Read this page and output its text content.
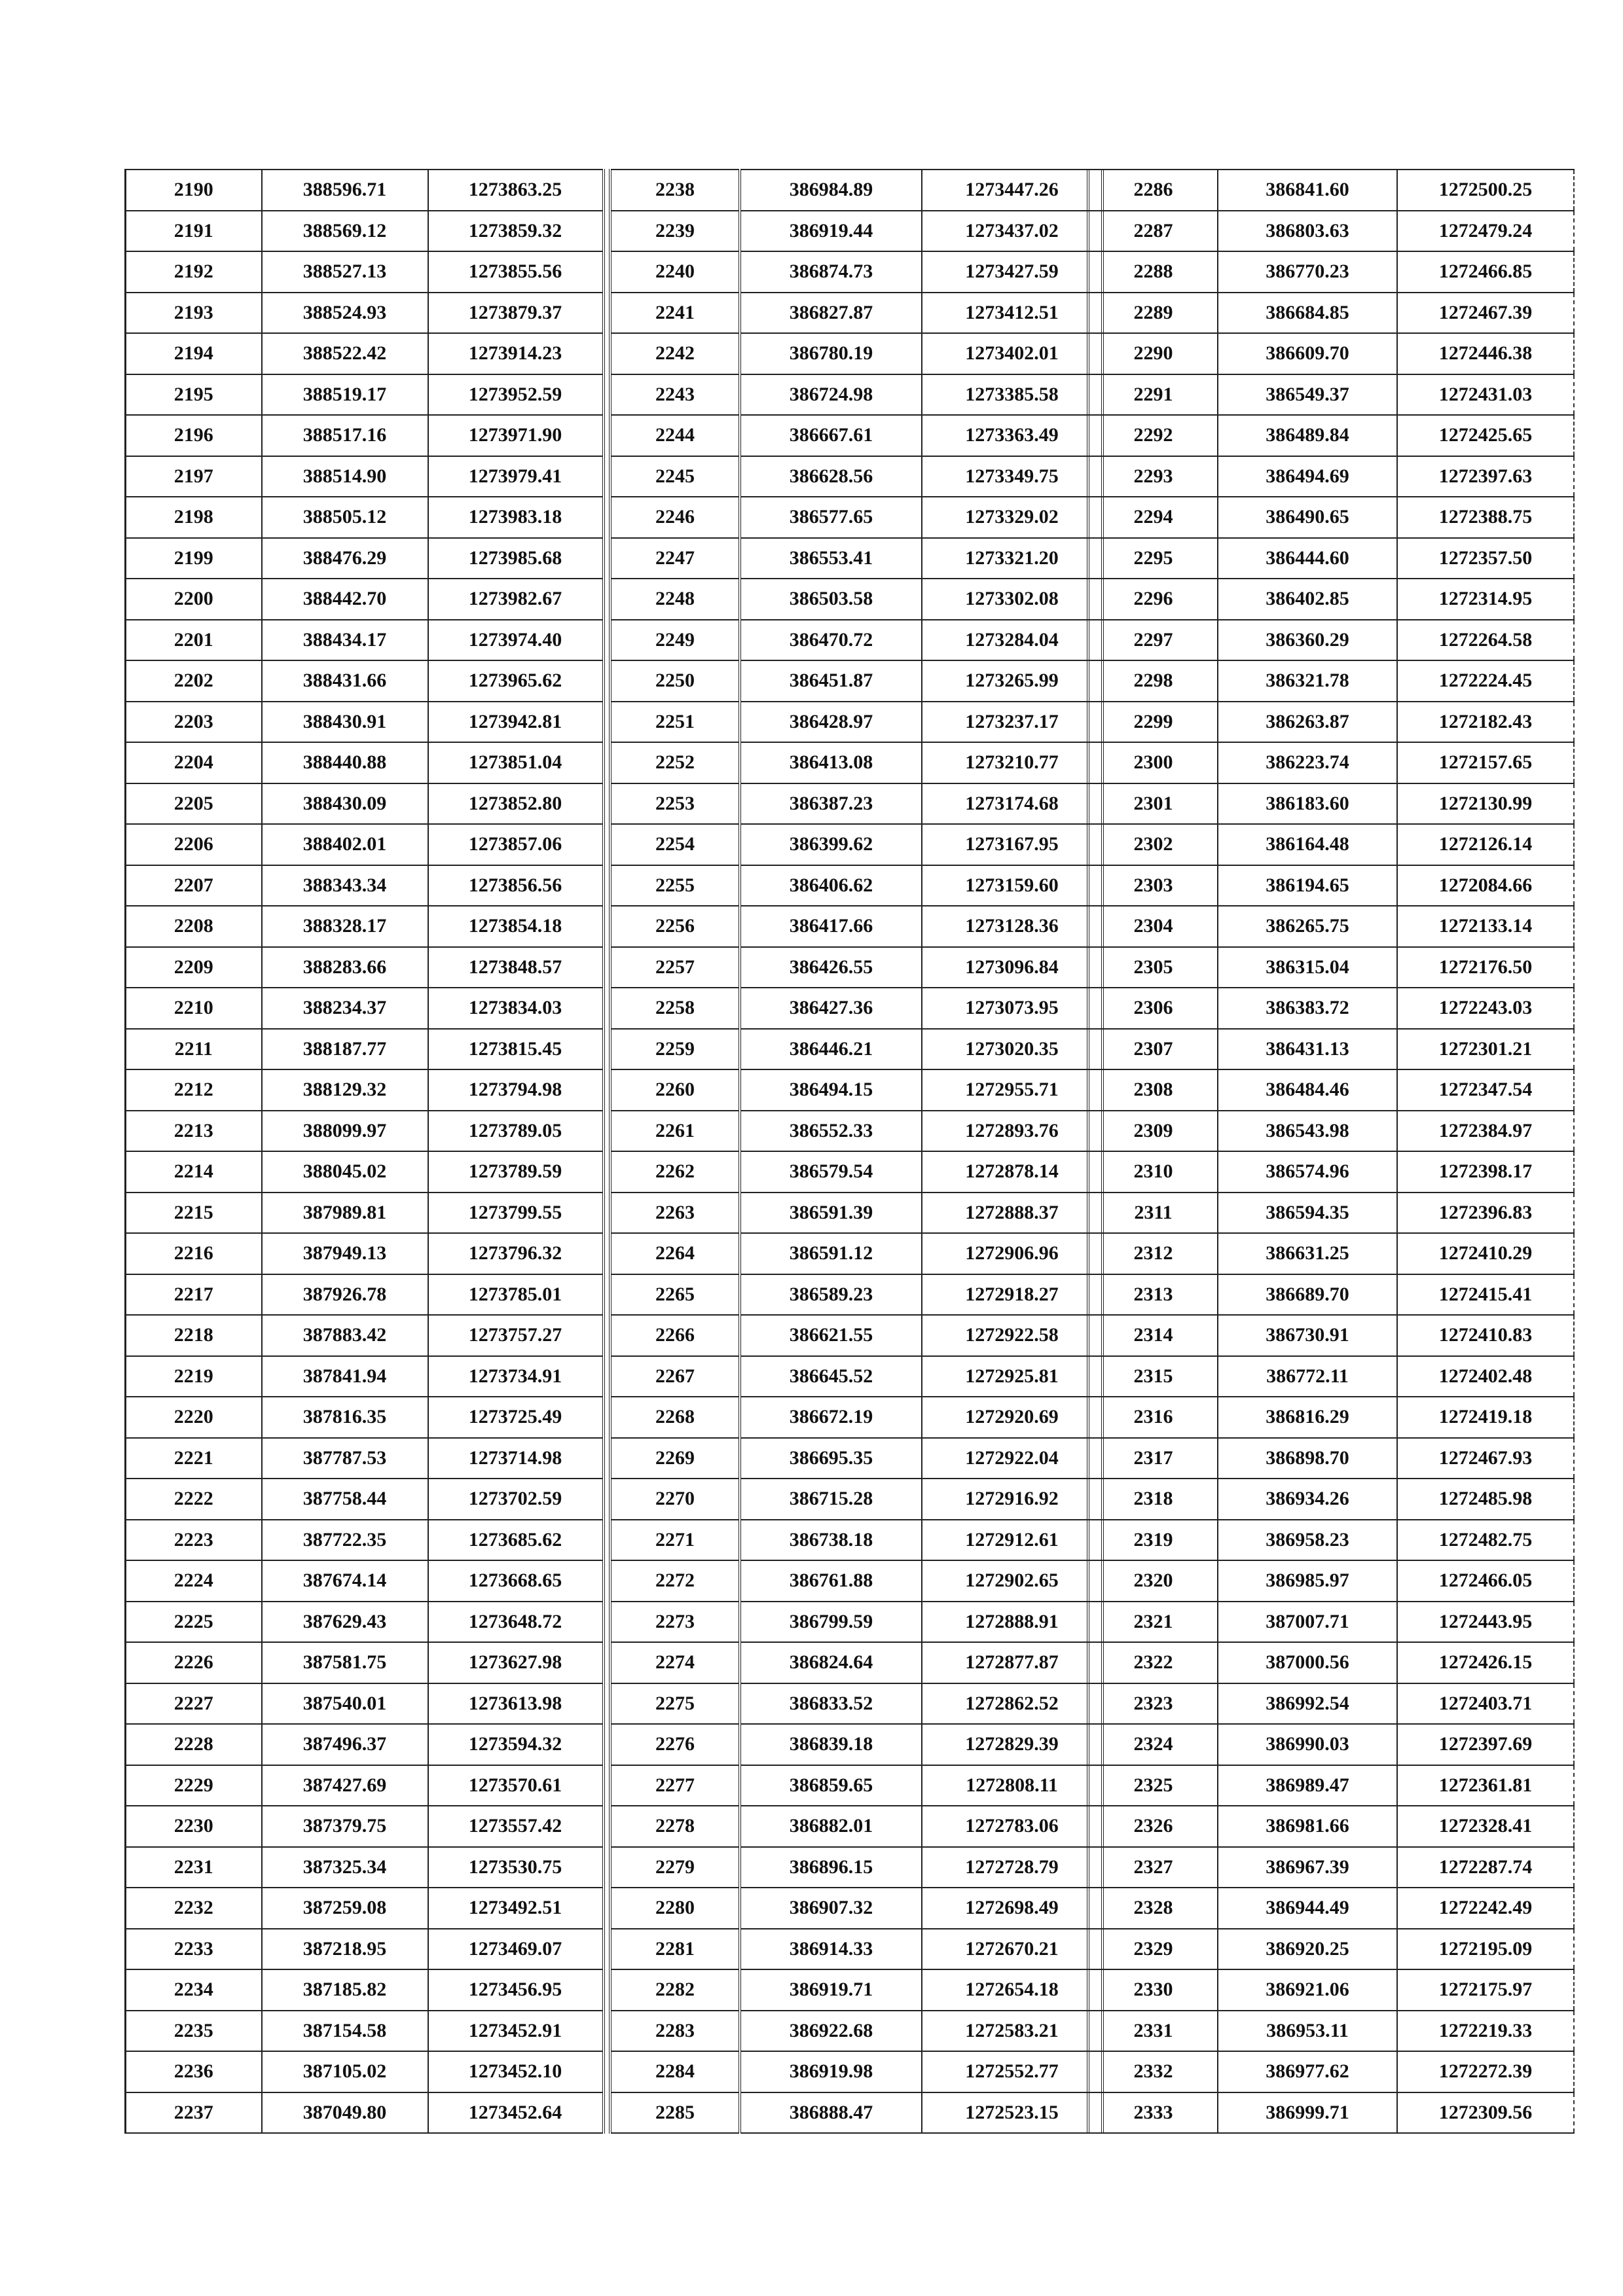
2190	388596.71	1273863.25
2191	388569.12	1273859.32
2192	388527.13	1273855.56
2193	388524.93	1273879.37
2194	388522.42	1273914.23
2195	388519.17	1273952.59
2196	388517.16	1273971.90
2197	388514.90	1273979.41
2198	388505.12	1273983.18
2199	388476.29	1273985.68
2200	388442.70	1273982.67
2201	388434.17	1273974.40
2202	388431.66	1273965.62
2203	388430.91	1273942.81
2204	388440.88	1273851.04
2205	388430.09	1273852.80
2206	388402.01	1273857.06
2207	388343.34	1273856.56
2208	388328.17	1273854.18
2209	388283.66	1273848.57
2210	388234.37	1273834.03
2211	388187.77	1273815.45
2212	388129.32	1273794.98
2213	388099.97	1273789.05
2214	388045.02	1273789.59
2215	387989.81	1273799.55
2216	387949.13	1273796.32
2217	387926.78	1273785.01
2218	387883.42	1273757.27
2219	387841.94	1273734.91
2220	387816.35	1273725.49
2221	387787.53	1273714.98
2222	387758.44	1273702.59
2223	387722.35	1273685.62
2224	387674.14	1273668.65
2225	387629.43	1273648.72
2226	387581.75	1273627.98
2227	387540.01	1273613.98
2228	387496.37	1273594.32
2229	387427.69	1273570.61
2230	387379.75	1273557.42
2231	387325.34	1273530.75
2232	387259.08	1273492.51
2233	387218.95	1273469.07
2234	387185.82	1273456.95
2235	387154.58	1273452.91
2236	387105.02	1273452.10
2237	387049.80	1273452.64
2238	386984.89	1273447.26
2239	386919.44	1273437.02
2240	386874.73	1273427.59
2241	386827.87	1273412.51
2242	386780.19	1273402.01
2243	386724.98	1273385.58
2244	386667.61	1273363.49
2245	386628.56	1273349.75
2246	386577.65	1273329.02
2247	386553.41	1273321.20
2248	386503.58	1273302.08
2249	386470.72	1273284.04
2250	386451.87	1273265.99
2251	386428.97	1273237.17
2252	386413.08	1273210.77
2253	386387.23	1273174.68
2254	386399.62	1273167.95
2255	386406.62	1273159.60
2256	386417.66	1273128.36
2257	386426.55	1273096.84
2258	386427.36	1273073.95
2259	386446.21	1273020.35
2260	386494.15	1272955.71
2261	386552.33	1272893.76
2262	386579.54	1272878.14
2263	386591.39	1272888.37
2264	386591.12	1272906.96
2265	386589.23	1272918.27
2266	386621.55	1272922.58
2267	386645.52	1272925.81
2268	386672.19	1272920.69
2269	386695.35	1272922.04
2270	386715.28	1272916.92
2271	386738.18	1272912.61
2272	386761.88	1272902.65
2273	386799.59	1272888.91
2274	386824.64	1272877.87
2275	386833.52	1272862.52
2276	386839.18	1272829.39
2277	386859.65	1272808.11
2278	386882.01	1272783.06
2279	386896.15	1272728.79
2280	386907.32	1272698.49
2281	386914.33	1272670.21
2282	386919.71	1272654.18
2283	386922.68	1272583.21
2284	386919.98	1272552.77
2285	386888.47	1272523.15
2286	386841.60	1272500.25
2287	386803.63	1272479.24
2288	386770.23	1272466.85
2289	386684.85	1272467.39
2290	386609.70	1272446.38
2291	386549.37	1272431.03
2292	386489.84	1272425.65
2293	386494.69	1272397.63
2294	386490.65	1272388.75
2295	386444.60	1272357.50
2296	386402.85	1272314.95
2297	386360.29	1272264.58
2298	386321.78	1272224.45
2299	386263.87	1272182.43
2300	386223.74	1272157.65
2301	386183.60	1272130.99
2302	386164.48	1272126.14
2303	386194.65	1272084.66
2304	386265.75	1272133.14
2305	386315.04	1272176.50
2306	386383.72	1272243.03
2307	386431.13	1272301.21
2308	386484.46	1272347.54
2309	386543.98	1272384.97
2310	386574.96	1272398.17
2311	386594.35	1272396.83
2312	386631.25	1272410.29
2313	386689.70	1272415.41
2314	386730.91	1272410.83
2315	386772.11	1272402.48
2316	386816.29	1272419.18
2317	386898.70	1272467.93
2318	386934.26	1272485.98
2319	386958.23	1272482.75
2320	386985.97	1272466.05
2321	387007.71	1272443.95
2322	387000.56	1272426.15
2323	386992.54	1272403.71
2324	386990.03	1272397.69
2325	386989.47	1272361.81
2326	386981.66	1272328.41
2327	386967.39	1272287.74
2328	386944.49	1272242.49
2329	386920.25	1272195.09
2330	386921.06	1272175.97
2331	386953.11	1272219.33
2332	386977.62	1272272.39
2333	386999.71	1272309.56
